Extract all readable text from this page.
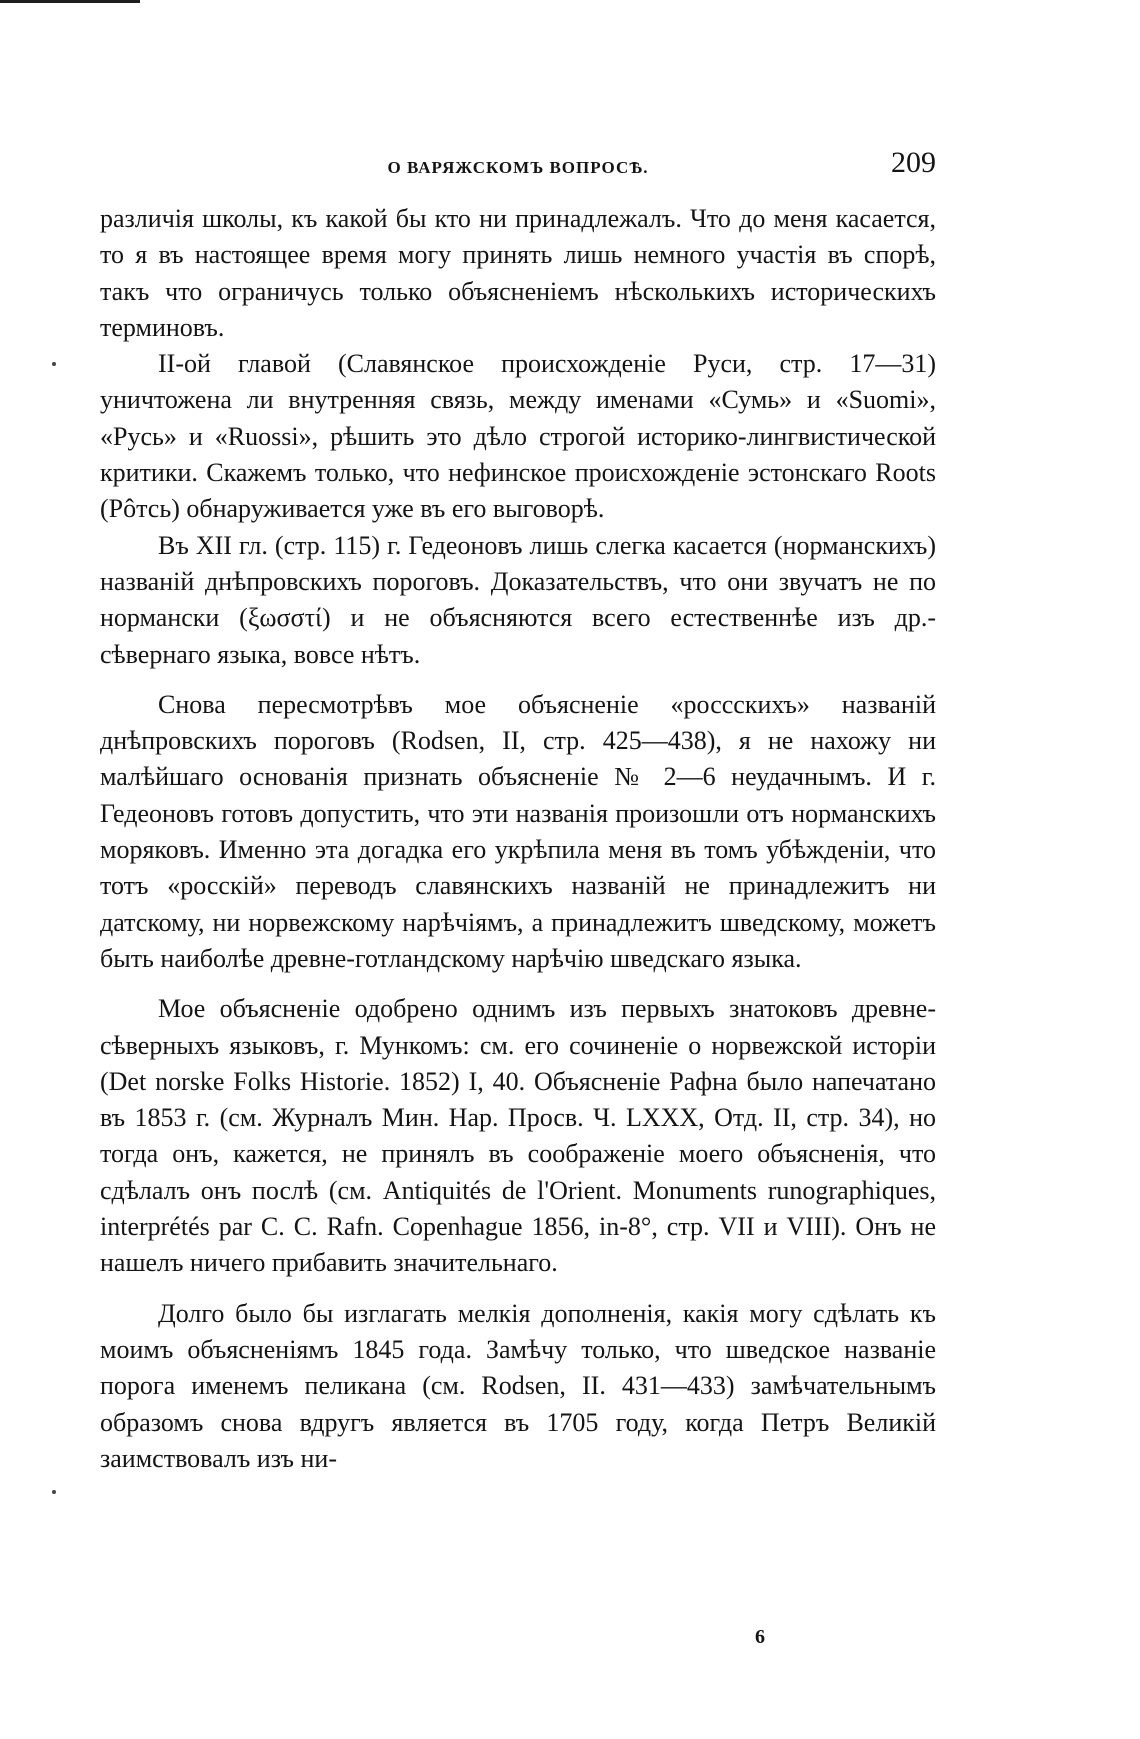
О ВАРЯЖСКОМЪ ВОПРОСѢ.	209

различія школы, къ какой бы кто ни принадлежалъ. Что до меня касается, то я въ настоящее время могу принять лишь немного участія въ спорѣ, такъ что ограничусь только объясненіемъ нѣсколькихъ историческихъ терминовъ.

II-ой главой (Славянское происхожденіе Руси, стр. 17—31) уничтожена ли внутренняя связь, между именами «Сумь» и «Suomi», «Русь» и «Ruossi», рѣшить это дѣло строгой историко-лингвистической критики. Скажемъ только, что нефинское происхожденіе эстонскаго Roots (Рôтсь) обнаруживается уже въ его выговорѣ.

Въ XII гл. (стр. 115) г. Гедеоновъ лишь слегка касается (норманскихъ) названій днѣпровскихъ пороговъ. Доказательствъ, что они звучатъ не по нормански (ξωσστί) и не объясняются всего естественнѣе изъ др.-сѣвернаго языка, вовсе нѣтъ.

Снова пересмотрѣвъ мое объясненіе «россскихъ» названій днѣпровскихъ пороговъ (Rodsen, II, стр. 425—438), я не нахожу ни малѣйшаго основанія признать объясненіе № 2—6 неудачнымъ. И г. Гедеоновъ готовъ допустить, что эти названія произошли отъ норманскихъ моряковъ. Именно эта догадка его укрѣпила меня въ томъ убѣжденіи, что тотъ «росскій» переводъ славянскихъ названій не принадлежитъ ни датскому, ни норвежскому нарѣчіямъ, а принадлежитъ шведскому, можетъ быть наиболѣе древне-готландскому нарѣчію шведскаго языка.

Мое объясненіе одобрено однимъ изъ первыхъ знатоковъ древне-сѣверныхъ языковъ, г. Мункомъ: см. его сочиненіе о норвежской исторіи (Det norske Folks Historie. 1852) I, 40. Объясненіе Рафна было напечатано въ 1853 г. (см. Журналъ Мин. Нар. Просв. Ч. LXXX, Отд. II, стр. 34), но тогда онъ, кажется, не принялъ въ соображеніе моего объясненія, что сдѣлалъ онъ послѣ (см. Antiquités de l'Orient. Monuments runographiques, interprétés par C. C. Rafn. Copenhague 1856, in-8°, стр. VII и VIII). Онъ не нашелъ ничего прибавить значительнаго.

Долго было бы изглагать мелкія дополненія, какія могу сдѣлать къ моимъ объясненіямъ 1845 года. Замѣчу только, что шведское названіе порога именемъ пеликана (см. Rodsen, II. 431—433) замѣчательнымъ образомъ снова вдругъ является въ 1705 году, когда Петръ Великій заимствовалъ изъ ни-

6
